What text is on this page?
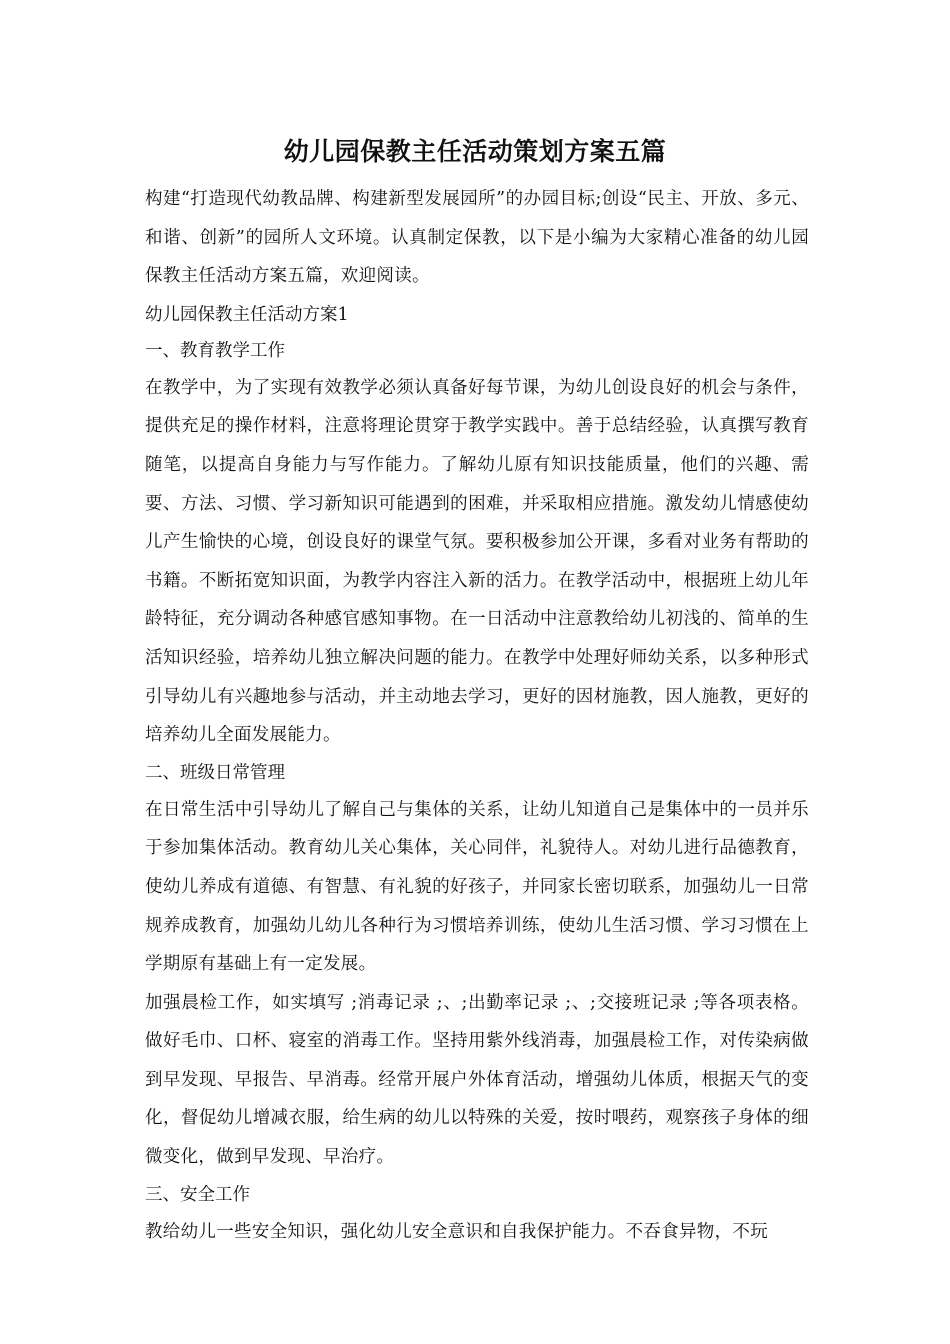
幼儿园保教主任活动策划方案五篇

构建“打造现代幼教品牌、构建新型发展园所”的办园目标;创设“民主、开放、多元、和谐、创新”的园所人文环境。认真制定保教，以下是小编为大家精心准备的幼儿园保教主任活动方案五篇，欢迎阅读。

幼儿园保教主任活动方案1

一、教育教学工作

在教学中，为了实现有效教学必须认真备好每节课，为幼儿创设良好的机会与条件，提供充足的操作材料，注意将理论贯穿于教学实践中。善于总结经验，认真撰写教育随笔，以提高自身能力与写作能力。了解幼儿原有知识技能质量，他们的兴趣、需要、方法、习惯、学习新知识可能遇到的困难，并采取相应措施。激发幼儿情感使幼儿产生愉快的心境，创设良好的课堂气氛。要积极参加公开课，多看对业务有帮助的书籍。不断拓宽知识面，为教学内容注入新的活力。在教学活动中，根据班上幼儿年龄特征，充分调动各种感官感知事物。在一日活动中注意教给幼儿初浅的、简单的生活知识经验，培养幼儿独立解决问题的能力。在教学中处理好师幼关系，以多种形式引导幼儿有兴趣地参与活动，并主动地去学习，更好的因材施教，因人施教，更好的培养幼儿全面发展能力。

二、班级日常管理

在日常生活中引导幼儿了解自己与集体的关系，让幼儿知道自己是集体中的一员并乐于参加集体活动。教育幼儿关心集体，关心同伴，礼貌待人。对幼儿进行品德教育，使幼儿养成有道德、有智慧、有礼貌的好孩子，并同家长密切联系，加强幼儿一日常规养成教育，加强幼儿幼儿各种行为习惯培养训练，使幼儿生活习惯、学习习惯在上学期原有基础上有一定发展。

加强晨检工作，如实填写 ;消毒记录 ;、;出勤率记录 ;、;交接班记录 ;等各项表格。做好毛巾、口杯、寝室的消毒工作。坚持用紫外线消毒，加强晨检工作，对传染病做到早发现、早报告、早消毒。经常开展户外体育活动，增强幼儿体质，根据天气的变化，督促幼儿增减衣服，给生病的幼儿以特殊的关爱，按时喂药，观察孩子身体的细微变化，做到早发现、早治疗。

三、安全工作

教给幼儿一些安全知识，强化幼儿安全意识和自我保护能力。不吞食异物，不玩
